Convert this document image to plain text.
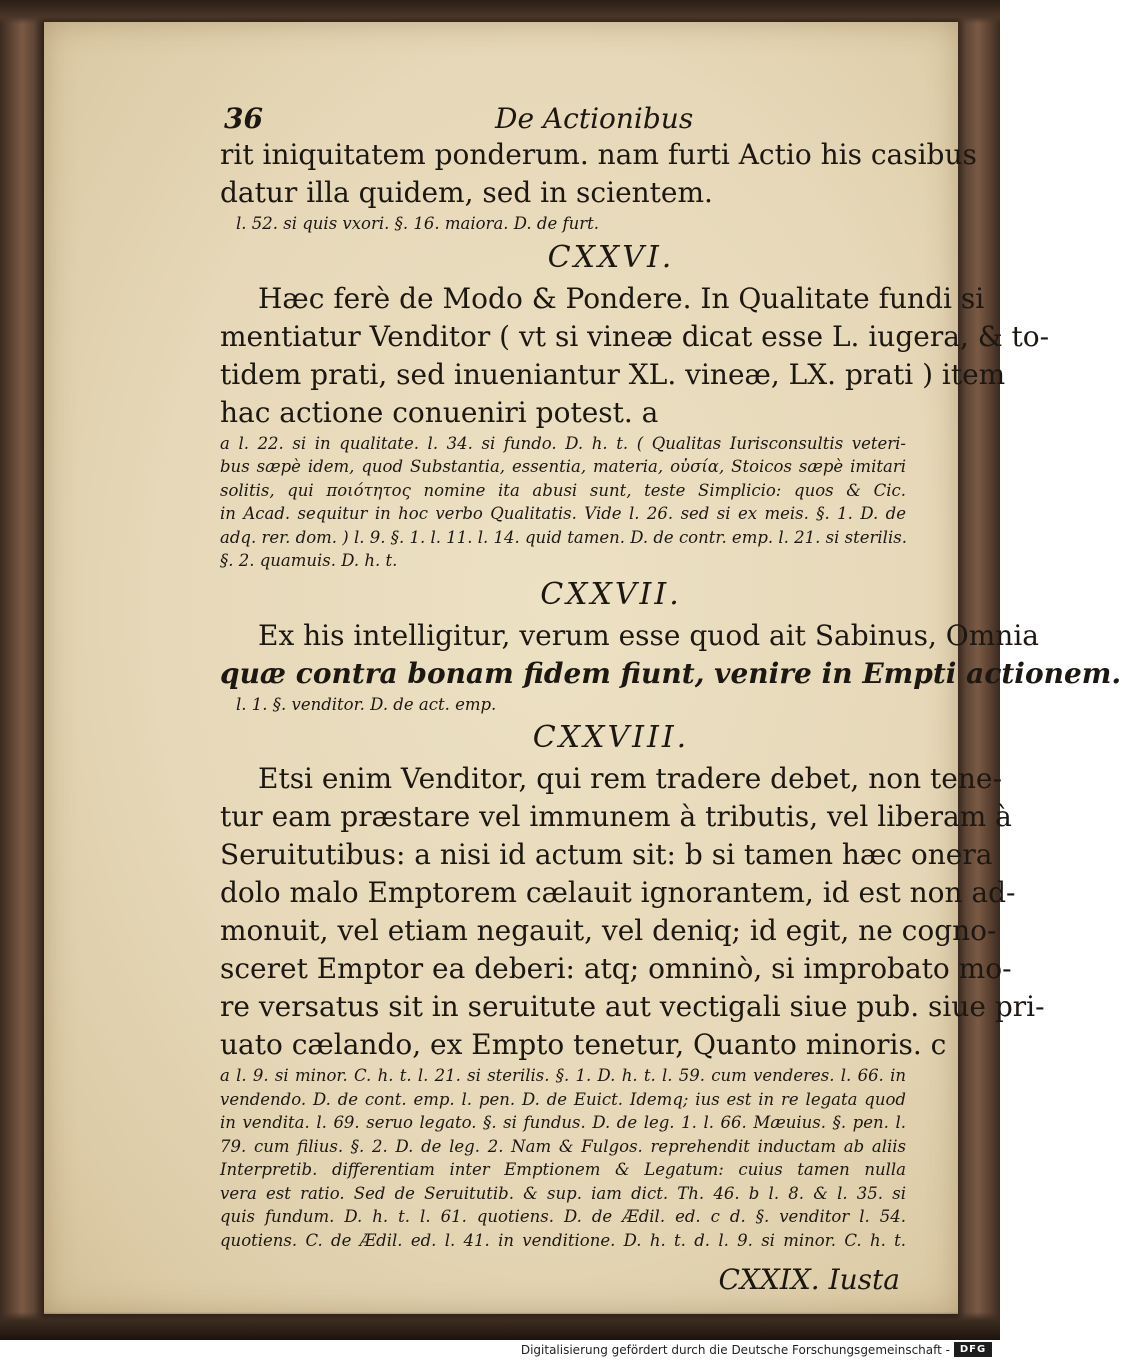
36	De Actionibus
rit iniquitatem ponderum. nam furti Actio his casibus
datur illa quidem, sed in scientem.
l. 52. si quis vxori. §. 16. maiora. D. de furt.
CXXVI.
Hæc ferè de Modo & Pondere. In Qualitate fundi si
mentiatur Venditor ( vt si vineæ dicat esse L. iugera, & to-
tidem prati, sed inueniantur XL. vineæ, LX. prati ) item
hac actione conueniri potest. a
a l. 22. si in qualitate. l. 34. si fundo. D. h. t. ( Qualitas Iurisconsultis veteri-
bus sæpè idem, quod Substantia, essentia, materia, οὐσία, Stoicos sæpè imitari
solitis, qui ποιότητος nomine ita abusi sunt, teste Simplicio: quos & Cic.
in Acad. sequitur in hoc verbo Qualitatis. Vide l. 26. sed si ex meis. §. 1. D. de
adq. rer. dom. ) l. 9. §. 1. l. 11. l. 14. quid tamen. D. de contr. emp. l. 21. si sterilis.
§. 2. quamuis. D. h. t.
CXXVII.
Ex his intelligitur, verum esse quod ait Sabinus, Omnia
quæ contra bonam fidem fiunt, venire in Empti actionem.
l. 1. §. venditor. D. de act. emp.
CXXVIII.
Etsi enim Venditor, qui rem tradere debet, non tene-
tur eam præstare vel immunem à tributis, vel liberam à
Seruitutibus: a nisi id actum sit: b si tamen hæc onera
dolo malo Emptorem cælauit ignorantem, id est non ad-
monuit, vel etiam negauit, vel deniq; id egit, ne cogno-
sceret Emptor ea deberi: atq; omninò, si improbato mo-
re versatus sit in seruitute aut vectigali siue pub. siue pri-
uato cælando, ex Empto tenetur, Quanto minoris. c
a l. 9. si minor. C. h. t. l. 21. si sterilis. §. 1. D. h. t. l. 59. cum venderes. l. 66. in
vendendo. D. de cont. emp. l. pen. D. de Euict. Idemq; ius est in re legata quod
in vendita. l. 69. seruo legato. §. si fundus. D. de leg. 1. l. 66. Mæuius. §. pen. l.
79. cum filius. §. 2. D. de leg. 2. Nam & Fulgos. reprehendit inductam ab aliis
Interpretib. differentiam inter Emptionem & Legatum: cuius tamen nulla
vera est ratio. Sed de Seruitutib. & sup. iam dict. Th. 46. b l. 8. & l. 35. si
quis fundum. D. h. t. l. 61. quotiens. D. de Ædil. ed. c d. §. venditor l. 54.
quotiens. C. de Ædil. ed. l. 41. in venditione. D. h. t. d. l. 9. si minor. C. h. t.
CXXIX. Iusta
Digitalisierung gefördert durch die Deutsche Forschungsgemeinschaft - DFG
